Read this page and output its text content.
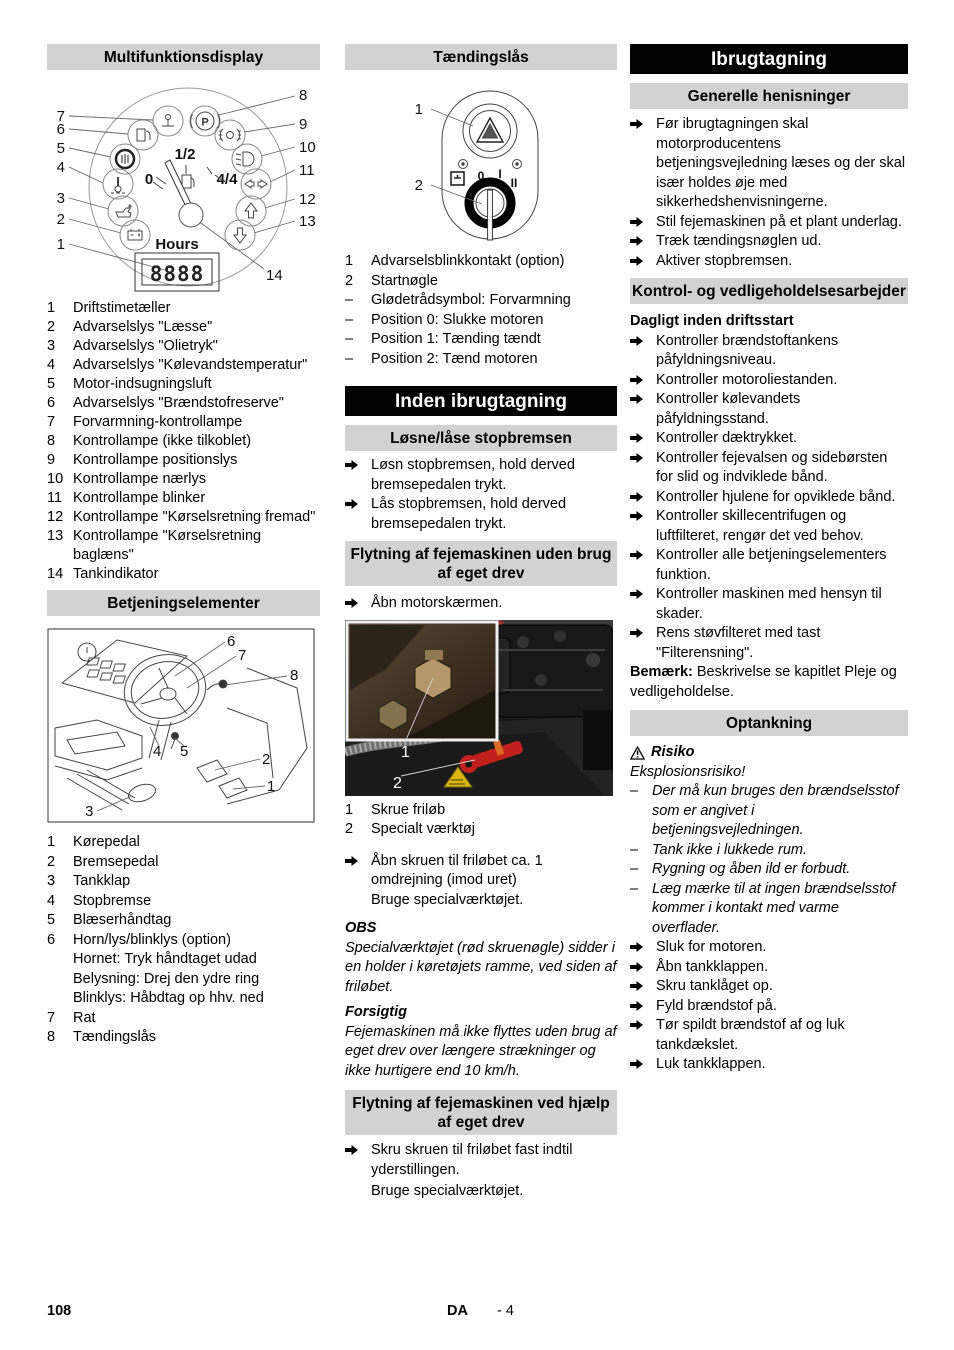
Multifunktionsdisplay
P
0
1/2
4/4
Hours
8888
7
6
5
4
3
2
1
8
9
10
11
12
13
14
1	Driftstimetæller
2	Advarselslys "Læsse"
3	Advarselslys "Olietryk"
4	Advarselslys "Kølevandstemperatur"
5	Motor-indsugningsluft
6	Advarselslys "Brændstofreserve"
7	Forvarmning-kontrollampe
8	Kontrollampe (ikke tilkoblet)
9	Kontrollampe positionslys
10 Kontrollampe nærlys
11 Kontrollampe blinker
12 Kontrollampe "Kørselsretning fremad"
13 Kontrollampe "Kørselsretning baglæns"
14 Tankindikator
Betjeningselementer
6
7
8
4 5	2
1
3
1	Kørepedal
2	Bremsepedal
3	Tankklap
4	Stopbremse
5	Blæserhåndtag
6	Horn/lys/blinklys (option)
Hornet: Tryk håndtaget udad
Belysning: Drej den ydre ring
Blinklys: Håbdtag op hhv. ned
7	Rat
8	Tændingslås
Tændingslås
0 I
II
1
2
1	Advarselsblinkkontakt (option)
2	Startnøgle
–	Glødetrådsymbol: Forvarmning
–	Position 0: Slukke motoren
–	Position 1: Tænding tændt
–	Position 2: Tænd motoren
Inden ibrugtagning
Løsne/låse stopbremsen
Løsn stopbremsen, hold derved bremsepedalen trykt.
Lås stopbremsen, hold derved bremsepedalen trykt.
Flytning af fejemaskinen uden brug af eget drev
Åbn motorskærmen.
1
2
1	Skrue friløb
2	Specialt værktøj
Åbn skruen til friløbet ca. 1 omdrejning (imod uret)
Bruge specialværktøjet.
OBS
Specialværktøjet (rød skruenøgle) sidder i en holder i køretøjets ramme, ved siden af friløbet.
Forsigtig
Fejemaskinen må ikke flyttes uden brug af eget drev over længere strækninger og ikke hurtigere end 10 km/h.
Flytning af fejemaskinen ved hjælp af eget drev
Skru skruen til friløbet fast indtil yderstillingen.
Bruge specialværktøjet.
Ibrugtagning
Generelle henisninger
Før ibrugtagningen skal motorproducentens betjeningsvejledning læses og der skal især holdes øje med sikkerhedshenvisningerne.
Stil fejemaskinen på et plant underlag.
Træk tændingsnøglen ud.
Aktiver stopbremsen.
Kontrol- og vedligeholdelsesarbejder
Dagligt inden driftsstart
Kontroller brændstoftankens påfyldningsniveau.
Kontroller motoroliestanden.
Kontroller kølevandets påfyldningsstand.
Kontroller dæktrykket.
Kontroller fejevalsen og sidebørsten for slid og indviklede bånd.
Kontroller hjulene for opviklede bånd.
Kontroller skillecentrifugen og luftfilteret, rengør det ved behov.
Kontroller alle betjeningselementers funktion.
Kontroller maskinen med hensyn til skader.
Rens støvfilteret med tast "Filterensning".
Bemærk: Beskrivelse se kapitlet Pleje og vedligeholdelse.
Optankning
Risiko
Eksplosionsrisiko!
– Der må kun bruges den brændselsstof som er angivet i betjeningsvejledningen.
– Tank ikke i lukkede rum.
– Rygning og åben ild er forbudt.
– Læg mærke til at ingen brændselsstof kommer i kontakt med varme overflader.
Sluk for motoren.
Åbn tankklappen.
Skru tanklåget op.
Fyld brændstof på.
Tør spildt brændstof af og luk tankdækslet.
Luk tankklappen.
108	DA - 4
